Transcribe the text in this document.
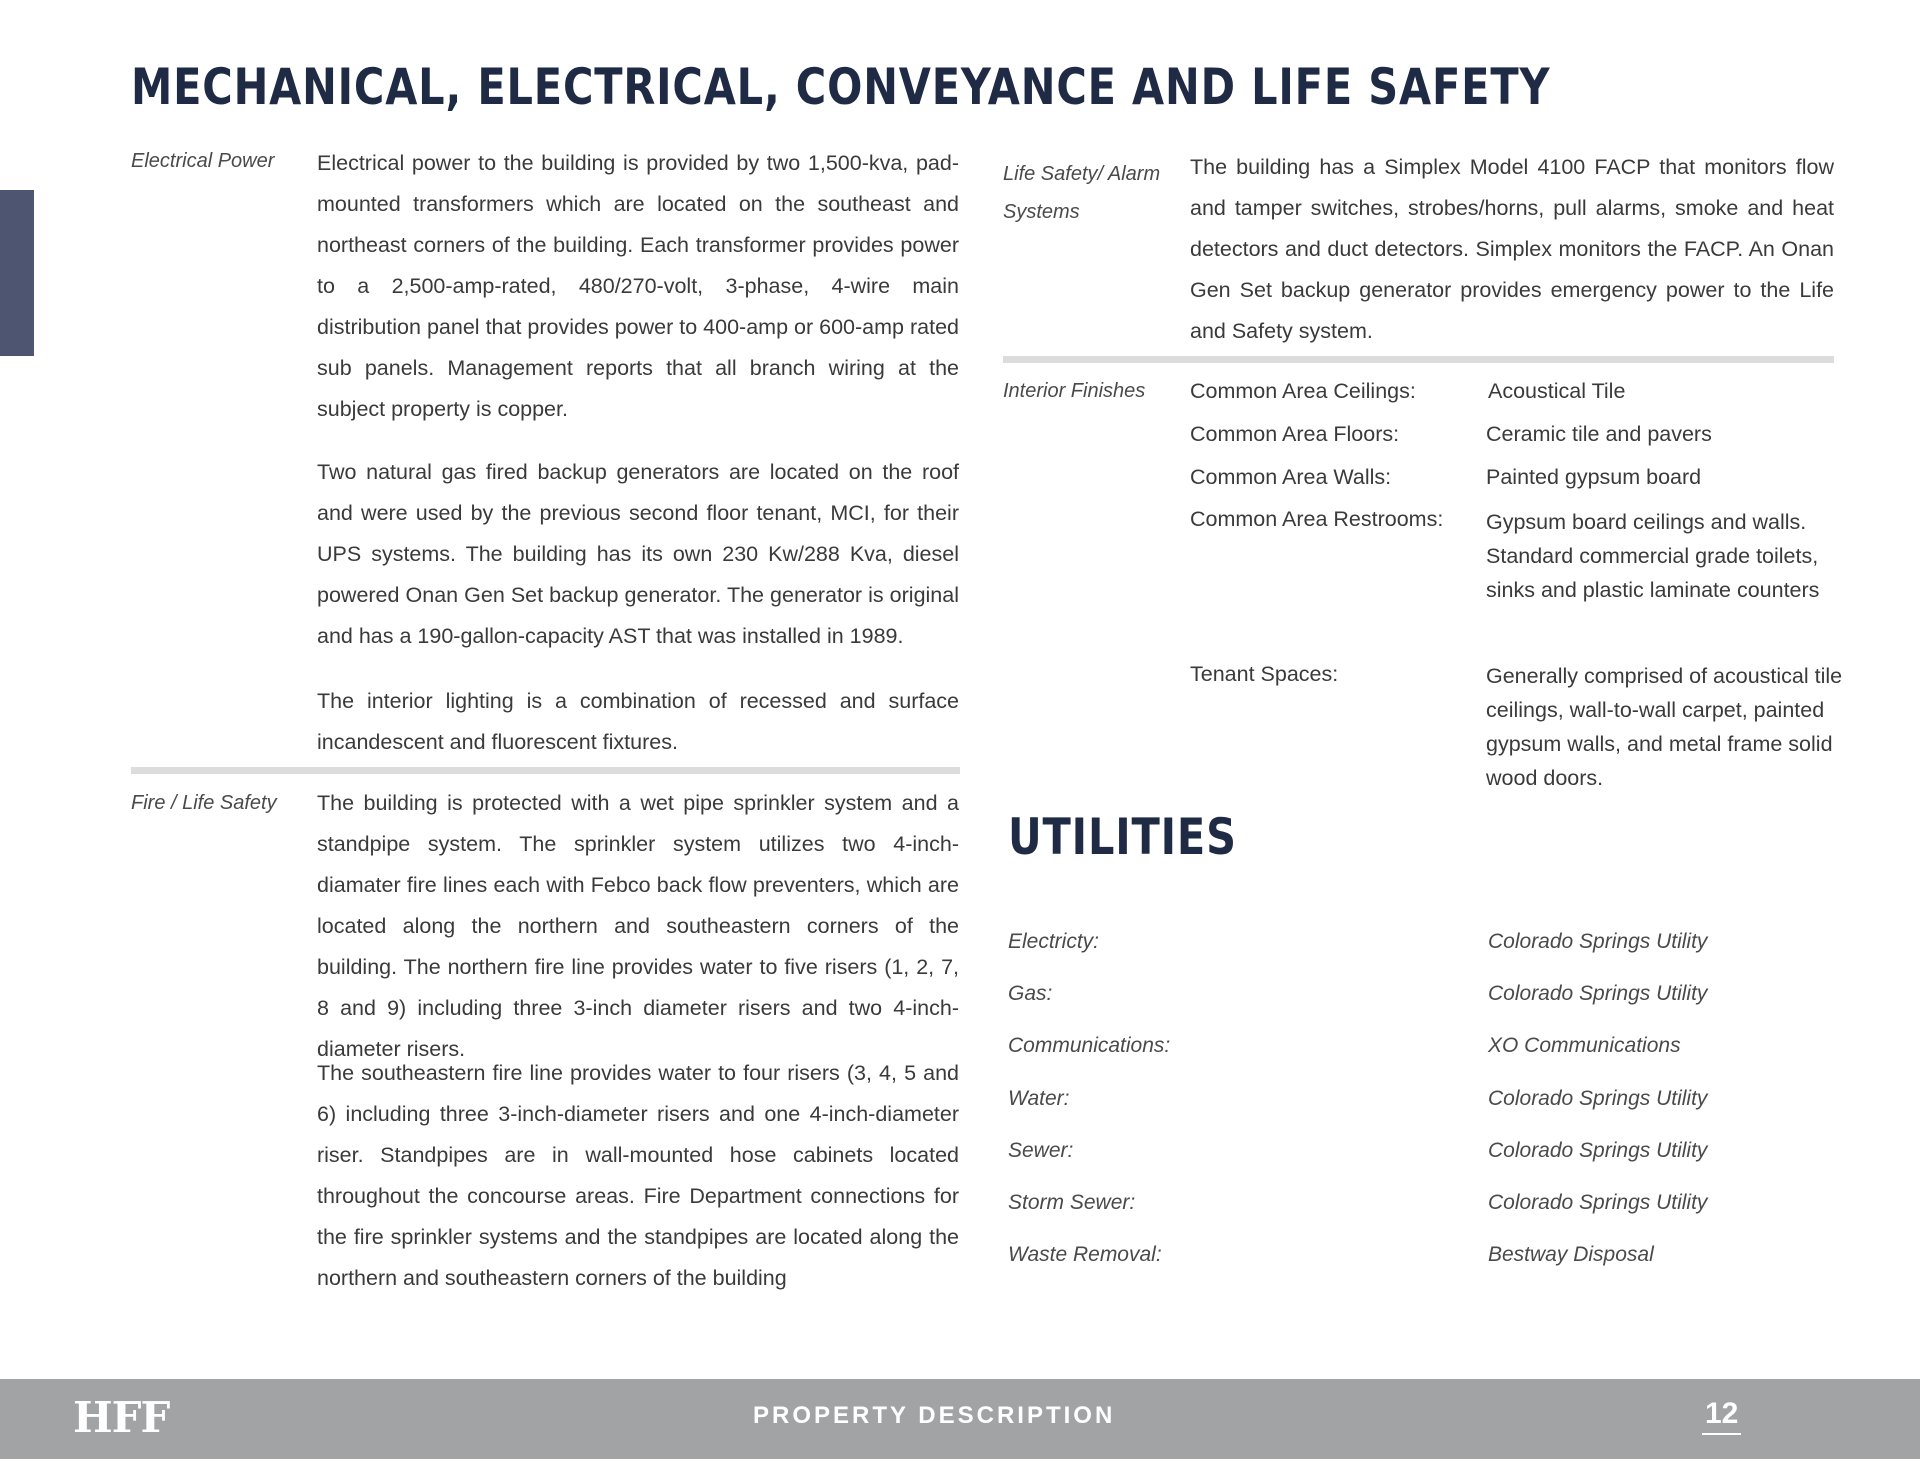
MECHANICAL, ELECTRICAL, CONVEYANCE AND LIFE SAFETY
Electrical Power Electrical power to the building is provided by two 1,500-kva, pad-mounted transformers which are located on the southeast and northeast corners of the building. Each transformer provides power to a 2,500-amp-rated, 480/270-volt, 3-phase, 4-wire main distribution panel that provides power to 400-amp or 600-amp rated sub panels. Management reports that all branch wiring at the subject property is copper.

Two natural gas fired backup generators are located on the roof and were used by the previous second floor tenant, MCI, for their UPS systems. The building has its own 230 Kw/288 Kva, diesel powered Onan Gen Set backup generator. The generator is original and has a 190-gallon-capacity AST that was installed in 1989.

The interior lighting is a combination of recessed and surface incandescent and fluorescent fixtures.

Fire / Life Safety The building is protected with a wet pipe sprinkler system and a standpipe system. The sprinkler system utilizes two 4-inch-diamater fire lines each with Febco back flow preventers, which are located along the northern and southeastern corners of the building. The northern fire line provides water to five risers (1, 2, 7, 8 and 9) including three 3-inch diameter risers and two 4-inch-diameter risers.

The southeastern fire line provides water to four risers (3, 4, 5 and 6) including three 3-inch-diameter risers and one 4-inch-diameter riser. Standpipes are in wall-mounted hose cabinets located throughout the concourse areas. Fire Department connections for the fire sprinkler systems and the standpipes are located along the northern and southeastern corners of the building

Life Safety/ Alarm
Systems

The building has a Simplex Model 4100 FACP that monitors flow and tamper switches, strobes/horns, pull alarms, smoke and heat detectors and duct detectors. Simplex monitors the FACP. An Onan Gen Set backup generator provides emergency power to the Life and Safety system.

Interior Finishes Common Area Ceilings:	Acoustical Tile
Common Area Floors:	Ceramic tile and pavers
Common Area Walls:	Painted gypsum board
Common Area Restrooms: Gypsum board ceilings and walls. Standard commercial grade toilets, sinks and plastic laminate counters
Tenant Spaces:	Generally comprised of acoustical tile ceilings, wall-to-wall carpet, painted gypsum walls, and metal frame solid wood doors.
UTILITIES
Electricty:	Colorado Springs Utility
Gas:	Colorado Springs Utility
Communications:	XO Communications
Water:	Colorado Springs Utility
Sewer:	Colorado Springs Utility
Storm Sewer:	Colorado Springs Utility
Waste Removal:	Bestway Disposal
HFF	PROPERTY DESCRIPTION	12
